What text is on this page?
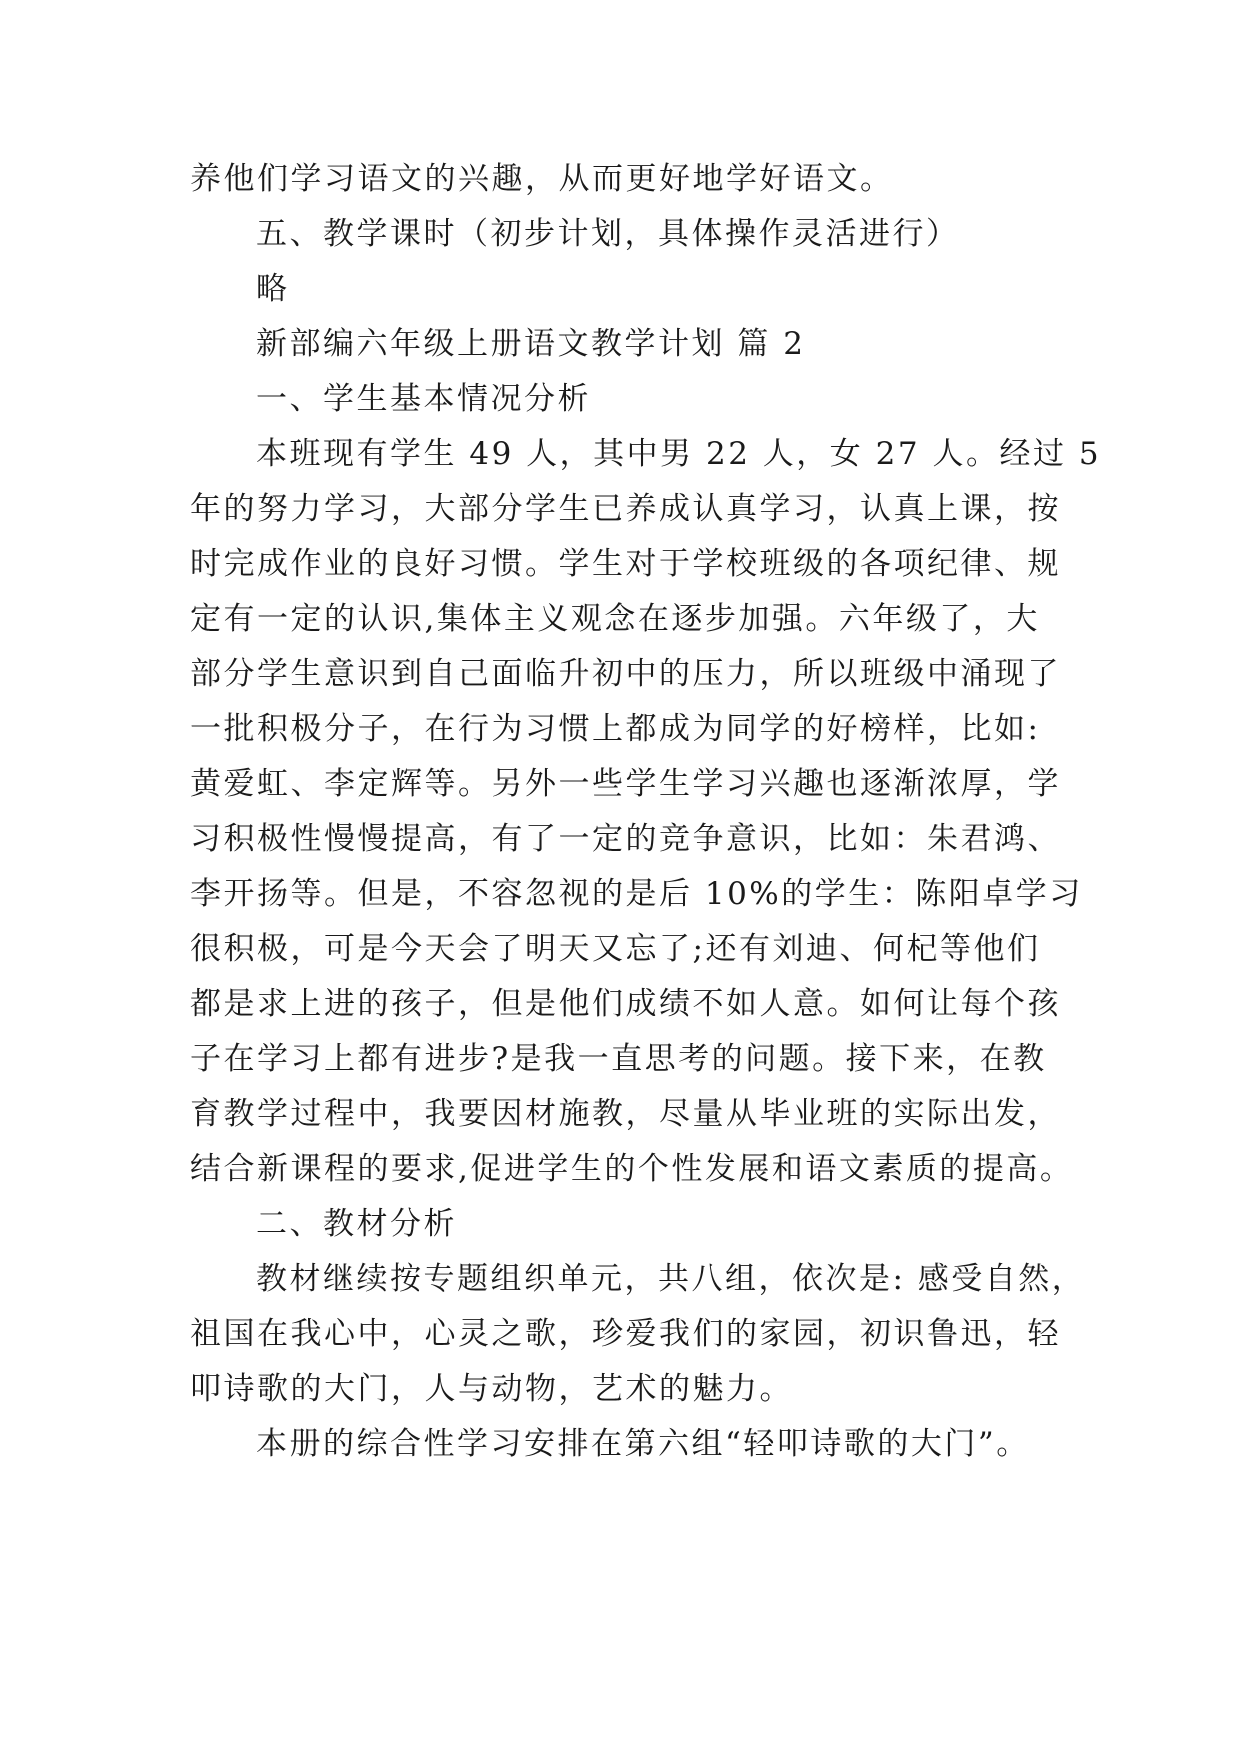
养他们学习语文的兴趣，从而更好地学好语文。

五、教学课时（初步计划，具体操作灵活进行）

略

新部编六年级上册语文教学计划 篇 2

一、学生基本情况分析

本班现有学生 49 人，其中男 22 人，女 27 人。经过 5

年的努力学习，大部分学生已养成认真学习，认真上课，按

时完成作业的良好习惯。学生对于学校班级的各项纪律、规

定有一定的认识,集体主义观念在逐步加强。六年级了，大

部分学生意识到自己面临升初中的压力，所以班级中涌现了

一批积极分子，在行为习惯上都成为同学的好榜样，比如:

黄爱虹、李定辉等。另外一些学生学习兴趣也逐渐浓厚，学

习积极性慢慢提高，有了一定的竞争意识，比如：朱君鸿、

李开扬等。但是，不容忽视的是后 10%的学生：陈阳卓学习

很积极，可是今天会了明天又忘了;还有刘迪、何杞等他们

都是求上进的孩子，但是他们成绩不如人意。如何让每个孩

子在学习上都有进步?是我一直思考的问题。接下来，在教

育教学过程中，我要因材施教，尽量从毕业班的实际出发，

结合新课程的要求,促进学生的个性发展和语文素质的提高。

二、教材分析

教材继续按专题组织单元，共八组，依次是: 感受自然，

祖国在我心中，心灵之歌，珍爱我们的家园，初识鲁迅，轻

叩诗歌的大门，人与动物，艺术的魅力。

本册的综合性学习安排在第六组“轻叩诗歌的大门”。
